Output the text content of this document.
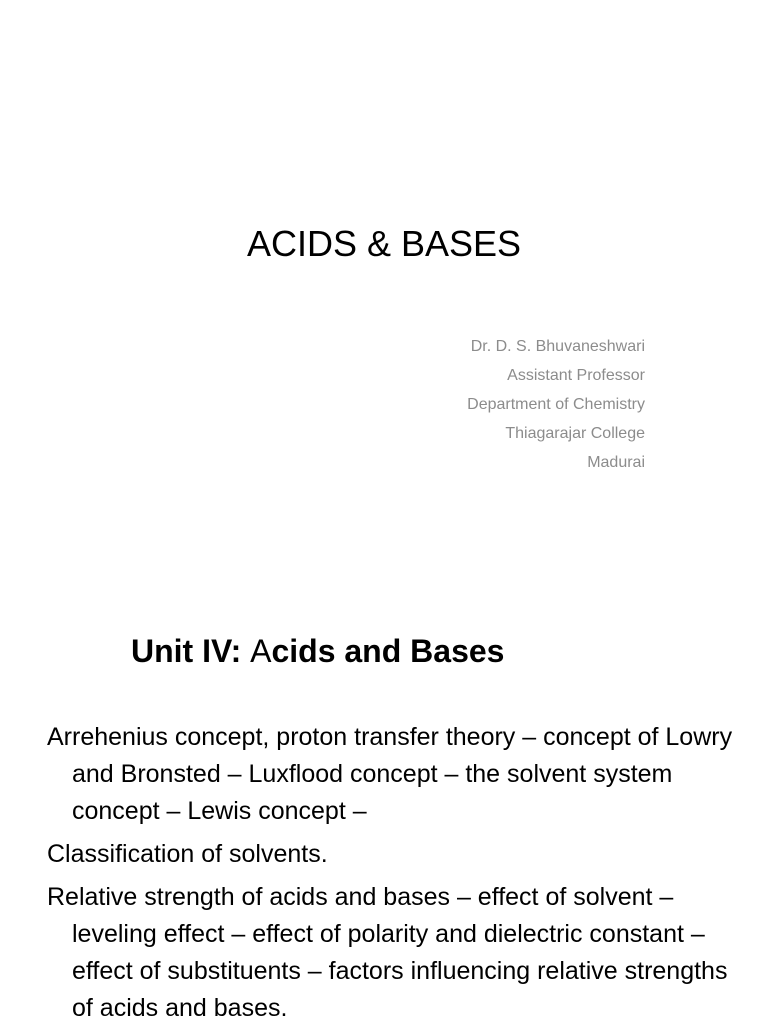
ACIDS & BASES
Dr. D. S. Bhuvaneshwari
Assistant Professor
Department of Chemistry
Thiagarajar College
Madurai
Unit IV: Acids and Bases

Arrehenius concept, proton transfer theory – concept of Lowry and Bronsted – Luxflood concept – the solvent system concept – Lewis concept –

Classification of solvents.

Relative strength of acids and bases – effect of solvent – leveling effect – effect of polarity and dielectric constant – effect of substituents – factors influencing relative strengths of acids and bases.
